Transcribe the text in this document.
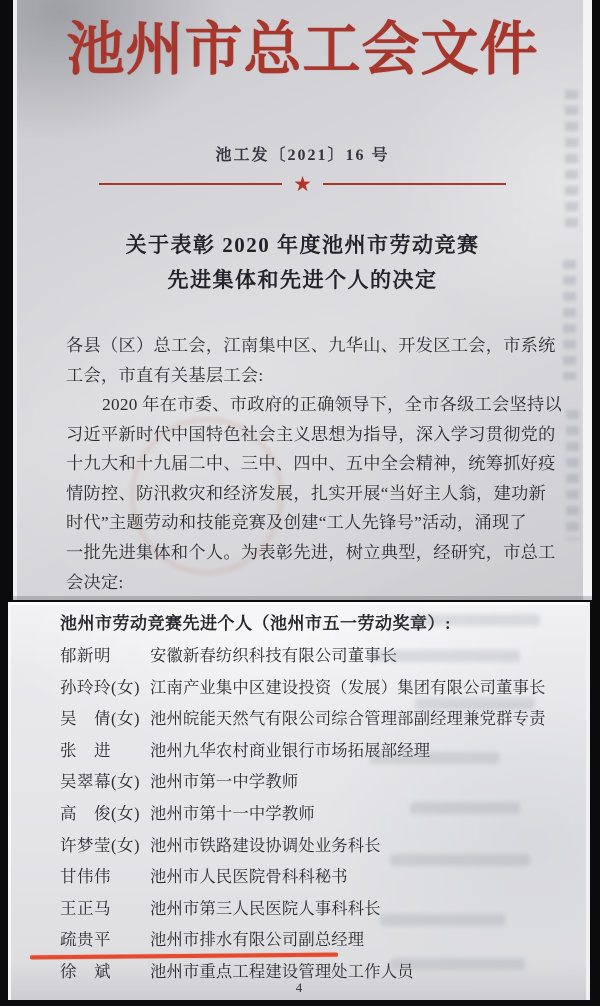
池州市总工会文件
池工发〔2021〕16 号
★
关于表彰 2020 年度池州市劳动竞赛
先进集体和先进个人的决定
各县（区）总工会，江南集中区、九华山、开发区工会，市系统
工会，市直有关基层工会:
2020 年在市委、市政府的正确领导下，全市各级工会坚持以
习近平新时代中国特色社会主义思想为指导，深入学习贯彻党的
十九大和十九届二中、三中、四中、五中全会精神，统筹抓好疫
情防控、防汛救灾和经济发展，扎实开展“当好主人翁，建功新
时代”主题劳动和技能竞赛及创建“工人先锋号”活动，涌现了
一批先进集体和个人。为表彰先进，树立典型，经研究，市总工
会决定:
池州市劳动竞赛先进个人（池州市五一劳动奖章）:
郁新明 安徽新春纺织科技有限公司董事长
孙玲玲(女) 江南产业集中区建设投资（发展）集团有限公司董事长
吴　倩(女) 池州皖能天然气有限公司综合管理部副经理兼党群专责
张　进 池州九华农村商业银行市场拓展部经理
吴翠幕(女) 池州市第一中学教师
高　俊(女) 池州市第十一中学教师
许梦莹(女) 池州市铁路建设协调处业务科长
甘伟伟 池州市人民医院骨科科秘书
王正马 池州市第三人民医院人事科科长
疏贵平 池州市排水有限公司副总经理
徐　斌 池州市重点工程建设管理处工作人员
4
